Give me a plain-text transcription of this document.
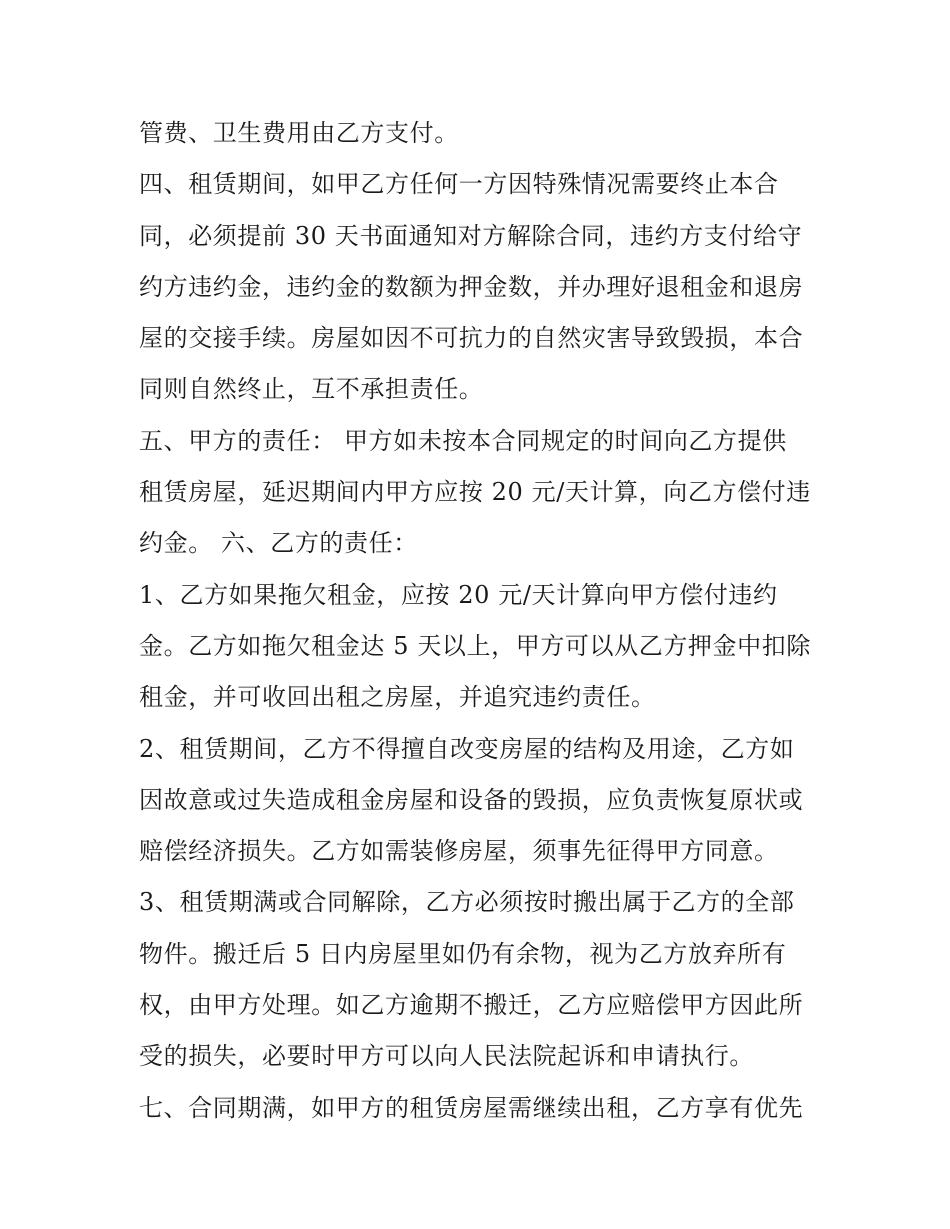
管费、卫生费用由乙方支付。
四、租赁期间，如甲乙方任何一方因特殊情况需要终止本合
同，必须提前 30 天书面通知对方解除合同，违约方支付给守
约方违约金，违约金的数额为押金数，并办理好退租金和退房
屋的交接手续。房屋如因不可抗力的自然灾害导致毁损，本合
同则自然终止，互不承担责任。
五、甲方的责任： 甲方如未按本合同规定的时间向乙方提供
租赁房屋，延迟期间内甲方应按 20 元/天计算，向乙方偿付违
约金。 六、乙方的责任：
1、乙方如果拖欠租金，应按 20 元/天计算向甲方偿付违约
金。乙方如拖欠租金达 5 天以上，甲方可以从乙方押金中扣除
租金，并可收回出租之房屋，并追究违约责任。
2、租赁期间，乙方不得擅自改变房屋的结构及用途，乙方如
因故意或过失造成租金房屋和设备的毁损，应负责恢复原状或
赔偿经济损失。乙方如需装修房屋，须事先征得甲方同意。
3、租赁期满或合同解除，乙方必须按时搬出属于乙方的全部
物件。搬迁后 5 日内房屋里如仍有余物，视为乙方放弃所有
权，由甲方处理。如乙方逾期不搬迁，乙方应赔偿甲方因此所
受的损失，必要时甲方可以向人民法院起诉和申请执行。
七、合同期满，如甲方的租赁房屋需继续出租，乙方享有优先
